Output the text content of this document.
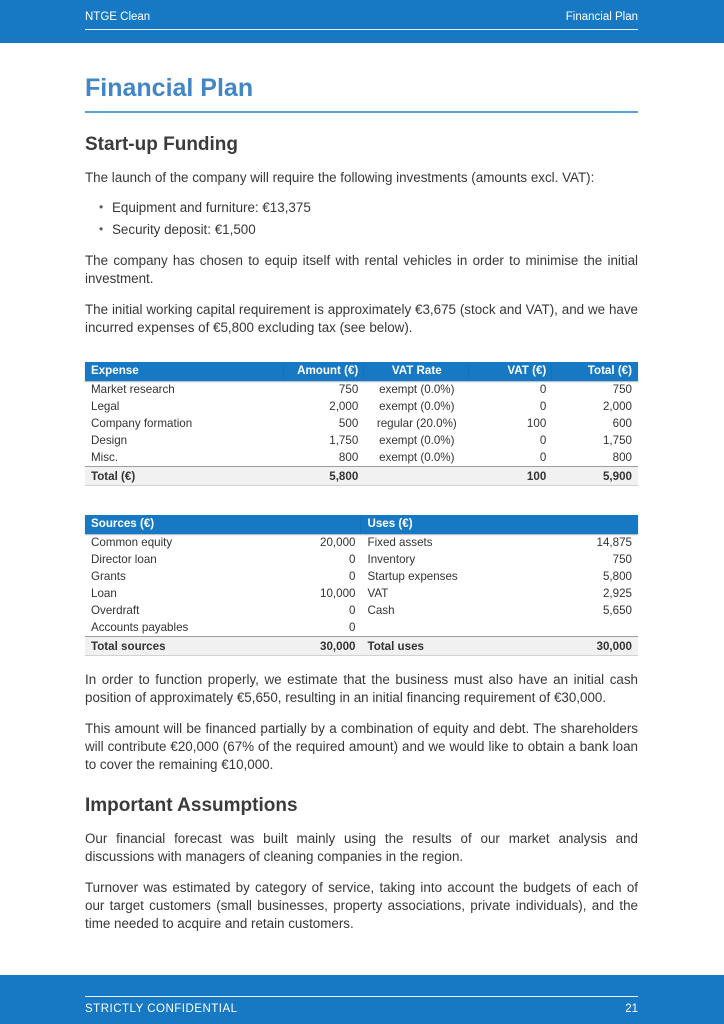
NTGE Clean	Financial Plan
Financial Plan
Start-up Funding

The launch of the company will require the following investments (amounts excl. VAT):

• Equipment and furniture: €13,375
• Security deposit: €1,500

The company has chosen to equip itself with rental vehicles in order to minimise the initial investment.

The initial working capital requirement is approximately €3,675 (stock and VAT), and we have incurred expenses of €5,800 excluding tax (see below).

Expense	Amount (€)	VAT Rate	VAT (€)	Total (€)
Market research	750	exempt (0.0%)	0	750
Legal	2,000	exempt (0.0%)	0	2,000
Company formation	500	regular (20.0%)	100	600
Design	1,750	exempt (0.0%)	0	1,750
Misc.	800	exempt (0.0%)	0	800
Total (€)	5,800		100	5,900
Sources (€)		Uses (€)	
Common equity	20,000	Fixed assets	14,875
Director loan	0	Inventory	750
Grants	0	Startup expenses	5,800
Loan	10,000	VAT	2,925
Overdraft	0	Cash	5,650
Accounts payables	0		
Total sources	30,000	Total uses	30,000

In order to function properly, we estimate that the business must also have an initial cash position of approximately €5,650, resulting in an initial financing requirement of €30,000.

This amount will be financed partially by a combination of equity and debt. The shareholders will contribute €20,000 (67% of the required amount) and we would like to obtain a bank loan to cover the remaining €10,000.

Important Assumptions

Our financial forecast was built mainly using the results of our market analysis and discussions with managers of cleaning companies in the region.

Turnover was estimated by category of service, taking into account the budgets of each of our target customers (small businesses, property associations, private individuals), and the time needed to acquire and retain customers.

STRICTLY CONFIDENTIAL	21
